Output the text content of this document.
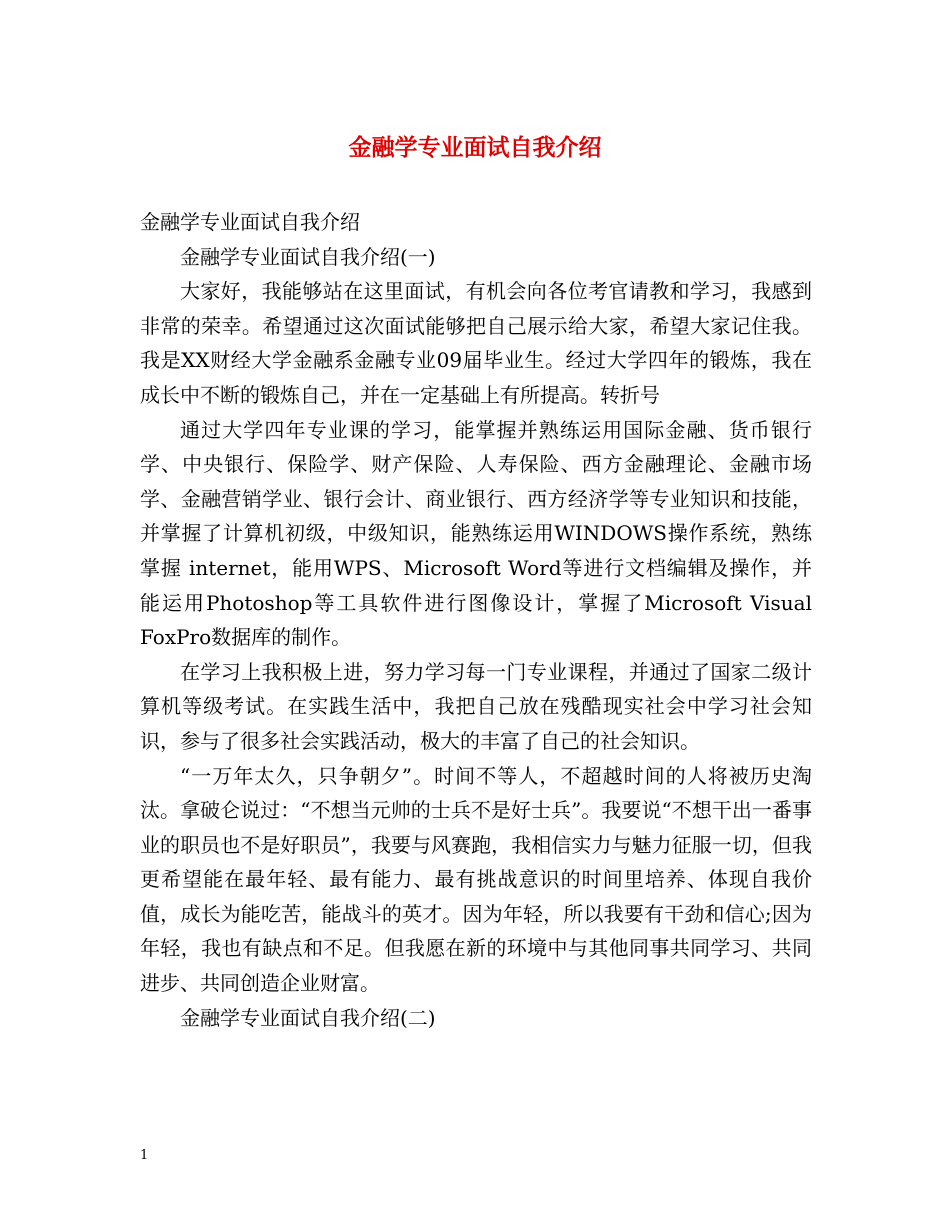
金融学专业面试自我介绍

金融学专业面试自我介绍

金融学专业面试自我介绍(一)

大家好，我能够站在这里面试，有机会向各位考官请教和学习，我感到非常的荣幸。希望通过这次面试能够把自己展示给大家，希望大家记住我。我是XX财经大学金融系金融专业09届毕业生。经过大学四年的锻炼，我在成长中不断的锻炼自己，并在一定基础上有所提高。转折号

通过大学四年专业课的学习，能掌握并熟练运用国际金融、货币银行学、中央银行、保险学、财产保险、人寿保险、西方金融理论、金融市场学、金融营销学业、银行会计、商业银行、西方经济学等专业知识和技能，并掌握了计算机初级，中级知识，能熟练运用WINDOWS操作系统，熟练掌握 internet，能用WPS、Microsoft Word等进行文档编辑及操作，并能运用Photoshop等工具软件进行图像设计，掌握了Microsoft Visual FoxPro数据库的制作。

在学习上我积极上进，努力学习每一门专业课程，并通过了国家二级计算机等级考试。在实践生活中，我把自己放在残酷现实社会中学习社会知识，参与了很多社会实践活动，极大的丰富了自己的社会知识。

“一万年太久，只争朝夕”。时间不等人，不超越时间的人将被历史淘汰。拿破仑说过：“不想当元帅的士兵不是好士兵”。我要说“不想干出一番事业的职员也不是好职员”，我要与风赛跑，我相信实力与魅力征服一切，但我更希望能在最年轻、最有能力、最有挑战意识的时间里培养、体现自我价值，成长为能吃苦，能战斗的英才。因为年轻，所以我要有干劲和信心;因为年轻，我也有缺点和不足。但我愿在新的环境中与其他同事共同学习、共同进步、共同创造企业财富。

金融学专业面试自我介绍(二)

1
